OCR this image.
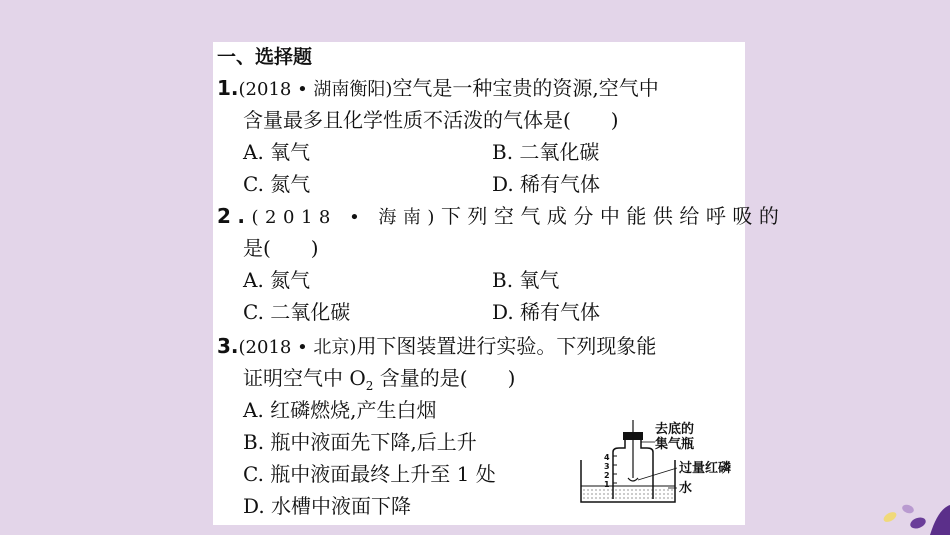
一、选择题
1.(2018 • 湖南衡阳)空气是一种宝贵的资源,空气中
含量最多且化学性质不活泼的气体是(　　)
A. 氧气	B. 二氧化碳
C. 氮气	D. 稀有气体
2.(2018 • 海南)下列空气成分中能供给呼吸的
是(　　)
A. 氮气	B. 氧气
C. 二氧化碳	D. 稀有气体
3.(2018 • 北京)用下图装置进行实验。下列现象能
证明空气中 $O_2$ 含量的是(　　)
A. 红磷燃烧,产生白烟
B. 瓶中液面先下降,后上升
C. 瓶中液面最终上升至 1 处
D. 水槽中液面下降
4
3
2
1
去底的
集气瓶
过量红磷
水
